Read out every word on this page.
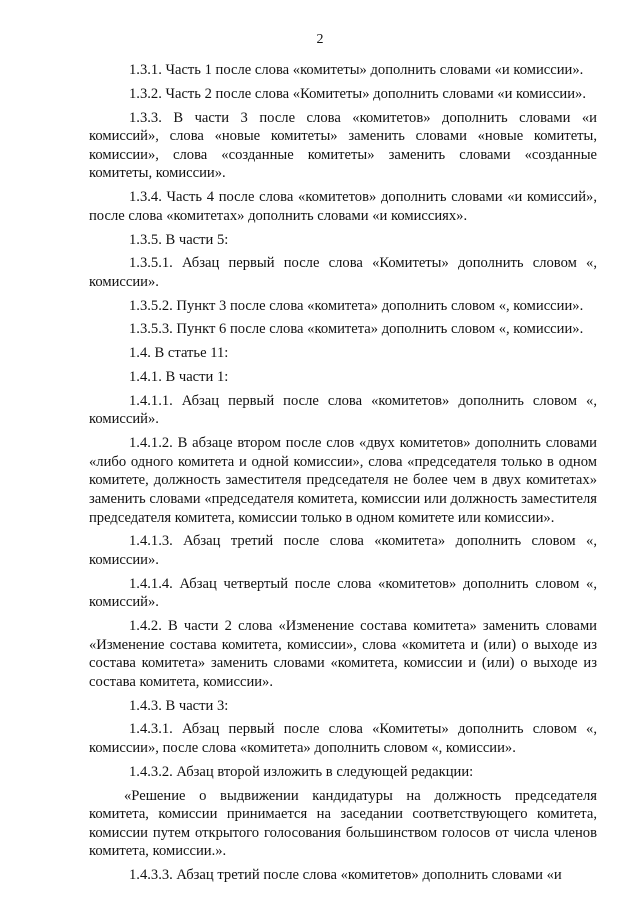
2

1.3.1. Часть 1 после слова «комитеты» дополнить словами «и комиссии».

1.3.2. Часть 2 после слова «Комитеты» дополнить словами «и комиссии».

1.3.3. В части 3 после слова «комитетов» дополнить словами «и комиссий», слова «новые комитеты» заменить словами «новые комитеты, комиссии», слова «созданные комитеты» заменить словами «созданные комитеты, комиссии».

1.3.4. Часть 4 после слова «комитетов» дополнить словами «и комиссий», после слова «комитетах» дополнить словами «и комиссиях».

1.3.5. В части 5:

1.3.5.1. Абзац первый после слова «Комитеты» дополнить словом «, комиссии».

1.3.5.2. Пункт 3 после слова «комитета» дополнить словом «, комиссии».

1.3.5.3. Пункт 6 после слова «комитета» дополнить словом «, комиссии».

1.4. В статье 11:

1.4.1. В части 1:

1.4.1.1. Абзац первый после слова «комитетов» дополнить словом «, комиссий».

1.4.1.2. В абзаце втором после слов «двух комитетов» дополнить словами «либо одного комитета и одной комиссии», слова «председателя только в одном комитете, должность заместителя председателя не более чем в двух комитетах» заменить словами «председателя комитета, комиссии или должность заместителя председателя комитета, комиссии только в одном комитете или комиссии».

1.4.1.3. Абзац третий после слова «комитета» дополнить словом «, комиссии».

1.4.1.4. Абзац четвертый после слова «комитетов» дополнить словом «, комиссий».

1.4.2. В части 2 слова «Изменение состава комитета» заменить словами «Изменение состава комитета, комиссии», слова «комитета и (или) о выходе из состава комитета» заменить словами «комитета, комиссии и (или) о выходе из состава комитета, комиссии».

1.4.3. В части 3:

1.4.3.1. Абзац первый после слова «Комитеты» дополнить словом «, комиссии», после слова «комитета» дополнить словом «, комиссии».

1.4.3.2. Абзац второй изложить в следующей редакции:

«Решение о выдвижении кандидатуры на должность председателя комитета, комиссии принимается на заседании соответствующего комитета, комиссии путем открытого голосования большинством голосов от числа членов комитета, комиссии.».

1.4.3.3. Абзац третий после слова «комитетов» дополнить словами «и
